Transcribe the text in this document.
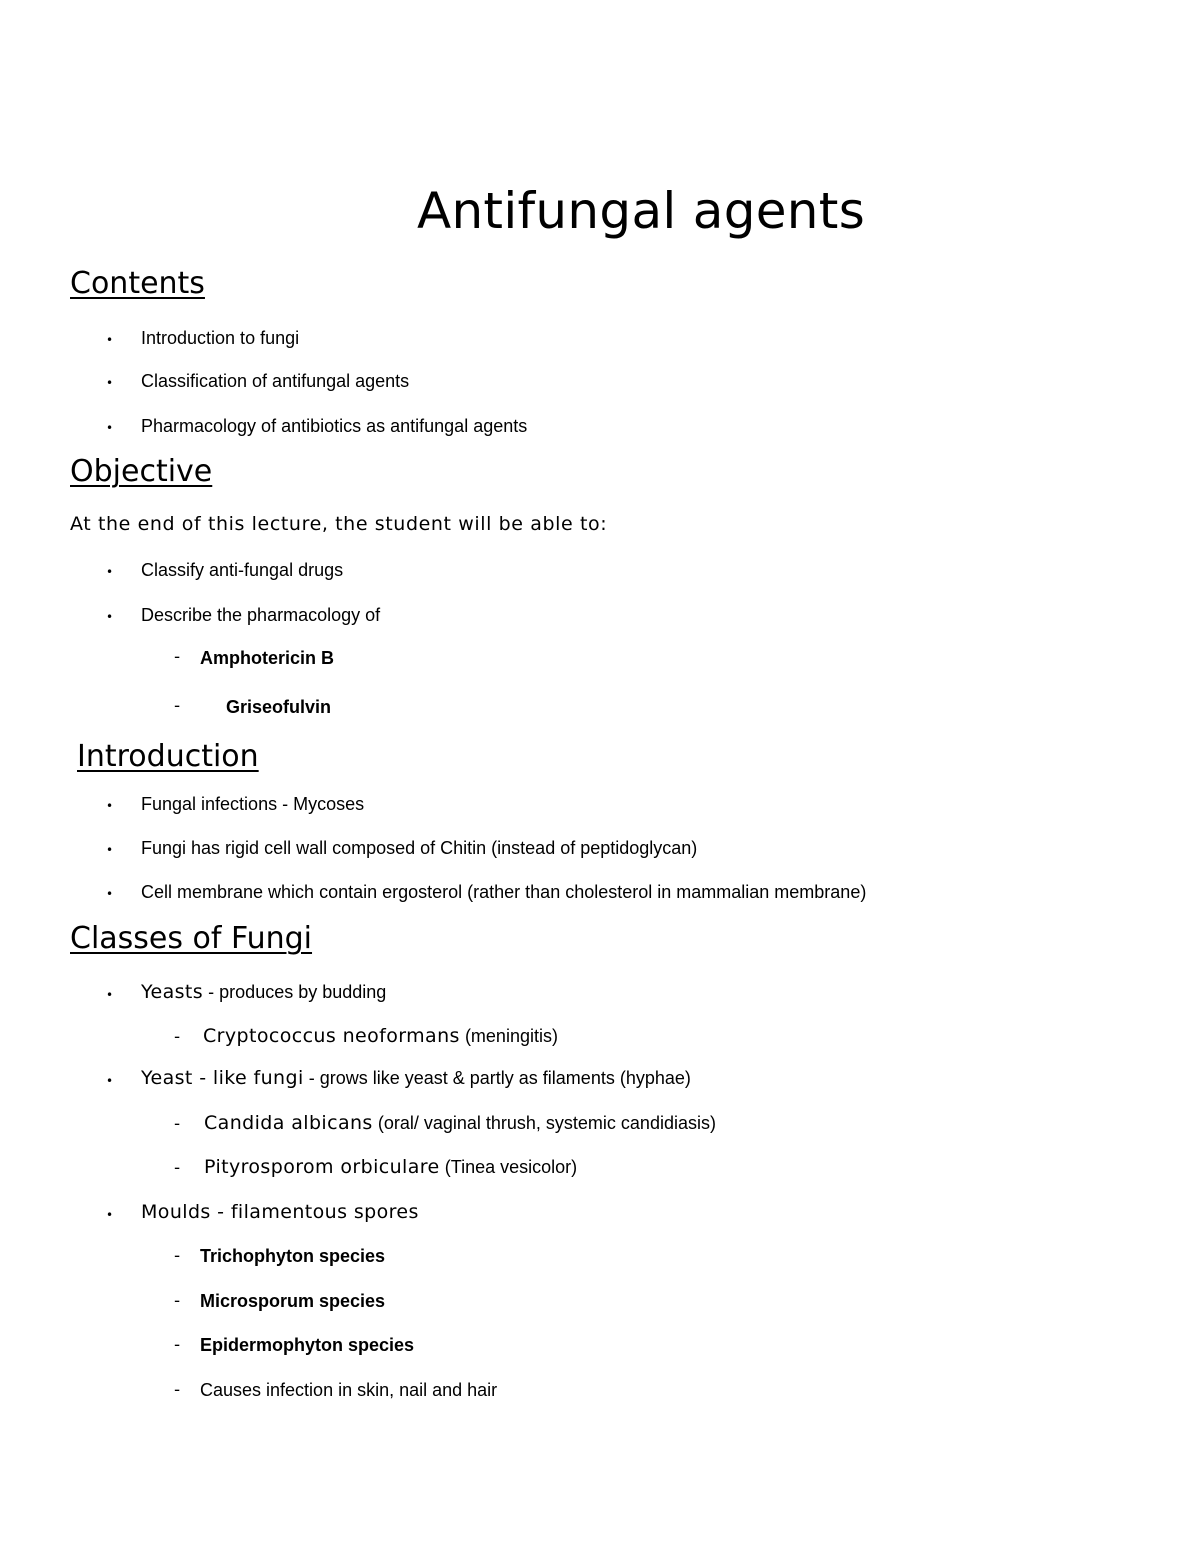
Antifungal agents
Contents
• Introduction to fungi
• Classification of antifungal agents
• Pharmacology of antibiotics as antifungal agents
Objective
At the end of this lecture, the student will be able to:
• Classify anti-fungal drugs
• Describe the pharmacology of
- Amphotericin B
-	Griseofulvin
Introduction
• Fungal infections - Mycoses
• Fungi has rigid cell wall composed of Chitin (instead of peptidoglycan)
• Cell membrane which contain ergosterol (rather than cholesterol in mammalian membrane)
Classes of Fungi
• Yeasts - produces by budding
- Cryptococcus neoformans (meningitis)
• Yeast - like fungi - grows like yeast & partly as filaments (hyphae)
- Candida albicans (oral/ vaginal thrush, systemic candidiasis)
- Pityrosporom orbiculare (Tinea vesicolor)
• Moulds - filamentous spores
- Trichophyton species
- Microsporum species
- Epidermophyton species
- Causes infection in skin, nail and hair
